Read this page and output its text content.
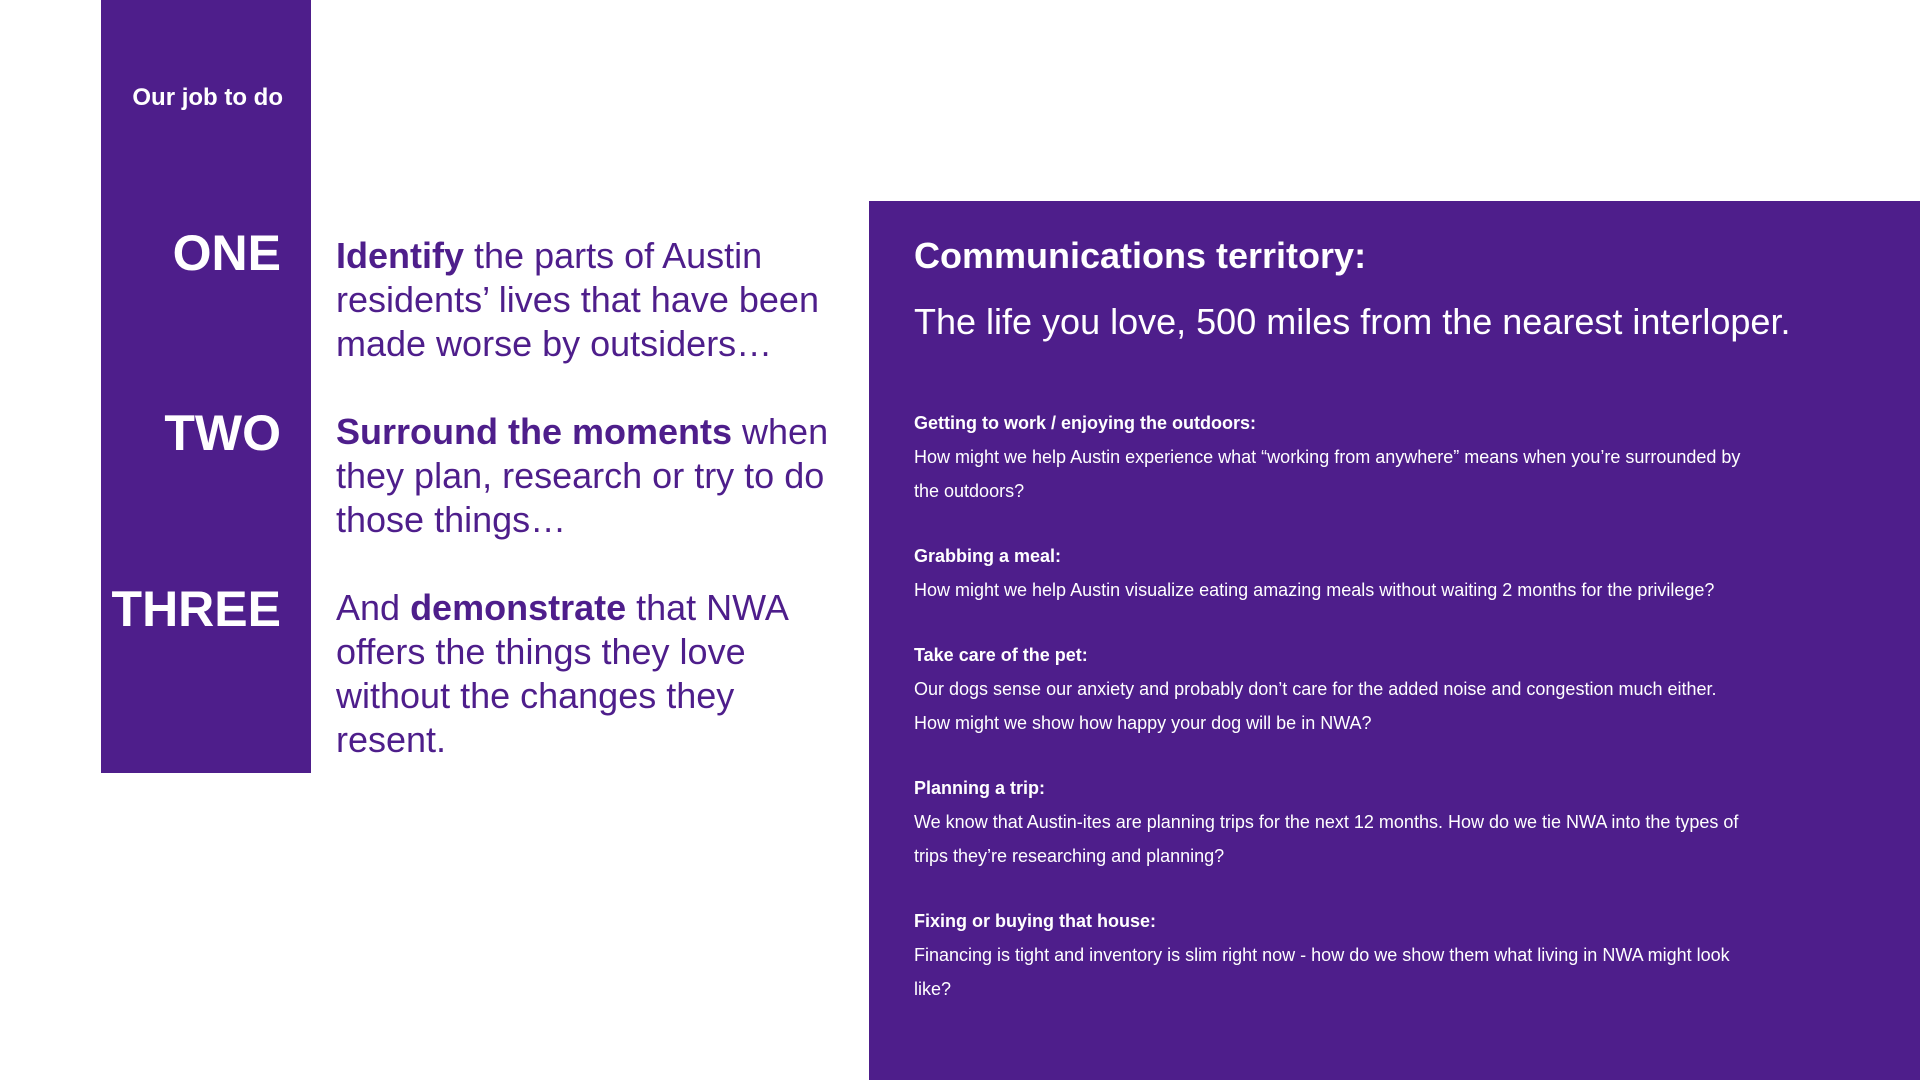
Our job to do
ONE
TWO
THREE
Identify the parts of Austin residents’ lives that have been made worse by outsiders…
Surround the moments when they plan, research or try to do those things…
And demonstrate that NWA offers the things they love without the changes they resent.
Communications territory:
The life you love, 500 miles from the nearest interloper.
Getting to work / enjoying the outdoors:
How might we help Austin experience what “working from anywhere” means when you’re surrounded by the outdoors?
Grabbing a meal:
How might we help Austin visualize eating amazing meals without waiting 2 months for the privilege?
Take care of the pet:
Our dogs sense our anxiety and probably don’t care for the added noise and congestion much either. How might we show how happy your dog will be in NWA?
Planning a trip:
We know that Austin-ites are planning trips for the next 12 months. How do we tie NWA into the types of trips they’re researching and planning?
Fixing or buying that house:
Financing is tight and inventory is slim right now - how do we show them what living in NWA might look like?
